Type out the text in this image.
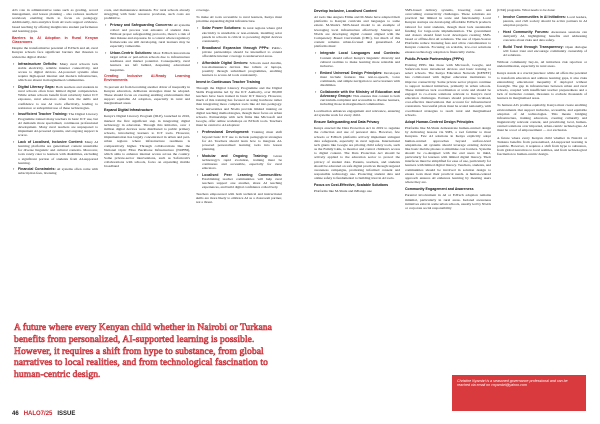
AI's role in administrative tasks such as grading, record management, and lesson planning - also reduces teachers' workload, enabling them to focus on pedagogy. Additionally, data analytics from AI tools support evidence-based teaching by offering insights into student performance and learning gaps.

Barriers to AI Adoption in Rural Kenyan Classrooms

Despite the transformative potential of EdTech and AI, rural Kenyan schools face significant barriers that threaten to widen the digital divide:

• Infrastructure Deficits: Many rural schools lack stable electricity, reliable internet connectivity, and access to digital devices. AI-powered systems often require high-speed internet and modern infrastructure, which are absent in marginalised communities.
• Digital Literacy Gaps: Both teachers and students in rural schools often have limited digital competencies. While urban schools benefit from relatively better ICT exposure, rural educators often lack the skills and confidence to use AI tools effectively, leading to resistance or suboptimal use of these technologies.
• Insufficient Teacher Training: The Digital Literacy Programme trained many teachers in basic ICT use, but AI demands more specialised, continuous professional development. Many rural teachers are unprepared to implement AI-powered systems, and ongoing support is scarce.
• Lack of Localised, Inclusive Content: Many AI learning platforms are generalised content unsuitable for diverse linguistic and cultural contexts. Moreover, tools rarely cater to learners with disabilities, excluding a significant portion of students from AI-supported learning.
• Financial Constraints: AI systems often come with subscription fees, licensing

costs, and maintenance demands. For rural schools already struggling with basic resource provision, such costs are prohibitive.

• Privacy and Safeguarding Concerns: AI systems collect and process vast amounts of student data. Without proper safeguarding protocols, there's a risk of data misuse and exposure. In a context where regulatory frameworks are still developing, rural learners may be especially vulnerable.
• Urban-Centric Solutions: Most EdTech innovations target urban or peri-urban schools due to infrastructure readiness and market potential. Consequently, rural learners are left behind, deepening educational inequities.
Creating Inclusive AI-Ready Learning Environments

To prevent AI from becoming another driver of inequality in Kenyan education, deliberate strategies must be adopted. These should focus on creating enabling environments that support equitable AI adoption, especially in rural and marginalised areas.

Expand Digital Infrastructure

Kenya's Digital Literacy Program (DLP), launched in 2016, marked the first significant step in integrating digital technology in education. Through this initiative, over 1 million digital devices were distributed to public primary schools, introducing learners to ICT tools. However, implementation has largely concentrated in urban and peri-urban regions where infrastructure readiness is comparatively higher. Through collaborations like the National Optic Fibre Backbone Infrastructure (NOFBI), which aims to enhance internet access across the country. Some private-sector interventions, such as Safaricom's collaborations with schools, focus on expanding mobile broadband

coverage.

To make AI tools accessible to rural learners, Kenya must prioritise expanding digital infrastructure.

• Solar Power Solutions: In rural regions where grid electricity is unreliable or non-existent, installing solar panels in schools is critical to powering digital devices consistently.
• Broadband Expansion through PPPs: Public-private partnerships should be intensified to extend affordable internet coverage to underserved areas.
• Affordable Digital Devices: Schools need durable, low-maintenance devices like tablets or laptops, possibly through subsidised programmes, enabling learners to access AI tools consistently.
Invest in Continuous Teacher Training

Through the Digital Literacy Programme and the Digital Skills Programme led by the ICT Authority, over 80,000 teachers have been trained in basic ICT literacy. However, much of this training has focused on using hardware rather than integrating more complex tools like AI into pedagogy. Some universities and NGOs provide limited training on digital teaching methodologies, though most focus on urban schools. Partnerships with tech firms like Microsoft and Google, offer online workshops on EdTech tools. Teachers must be central to AI adoption:

• Professional Development: Training must shift beyond basic ICT use to include pedagogical strategies for AI. Teachers should learn how to integrate AI-powered personalised learning tools into lesson planning.
• Modular and Ongoing Training: Given technology's rapid evolution, training must be continuous and accessible, especially for rural educators.
• Localised Peer Learning Communities: Establishing teacher communities will help rural teachers support one another, share AI teaching experiences, and build digital confidence collectively.

Teachers empowered with both technical and instructional skills are more likely to embrace AI as a classroom partner, not a threat.

Develop Inclusive, Localised Content

AI tools like Angaza Elimu and M-Shule have adapted their platforms to Kenyan curricula and languages to some extent. M-Shule's SMS-based model is an example of leveraging local infrastructure effectively. Startups and NGOs are developing digital content aligned with the Competency Based Curriculum (CBC), but much of this content remains urban-focused and generalised. AI platforms must:

• Integrate Local Languages and Contexts: Content should reflect Kenya's linguistic diversity and cultural realities to make learning more relatable and inclusive.
• Embed Universal Design Principles: Developers must include features like text-to-speech, voice commands, and simple navigation to serve learners with disabilities.
• Collaborate with the Ministry of Education and Advocacy Groups: This ensures that content is both curriculum-compliant and accessible to diverse learners, including those in marginalised communities.

Localisation enhances engagement and relevance, ensuring AI systems work for every child.

Ensure Safeguarding and Data Privacy

Kenya enacted the Data Protection Act in 2019 to regulate the collection and use of personal data. However, few schools or EdTech platforms actively implement stringent data safeguards, especially in rural regions. International tech giants like Google are piloting child safety tools, such as the Family Link, to monitor and control children's access to digital content. The Data Protection Act should be actively applied to the education sector to protect the privacy of student data. Parents, teachers, and students should be educated on safe digital practices through targeted awareness campaigns, promoting informed consent and responsible technology use. Protecting student data and online safety is fundamental to building trust in AI tools.

Focus on Cost-Effective, Scalable Solutions

Platforms like M-Shule and iMlango use

SMS-based delivery systems, lowering costs and overcoming connectivity challenges. These solutions are practical but limited in scale and functionality. Local Kenyan startups are developing affordable EdTech products tailored for rural students, though most lack sustainable funding for large-scale implementation. The government and donors should fund local developers creating SMS-based or offline-first AI solutions. The use of Open-Source Platforms reduce licensing fees and allow customisation to Kenyan contexts. Focusing on scalable, low-cost solutions ensures technology adoption is financially viable.

Public-Private Partnerships (PPPs)

Existing PPPs like those with Microsoft, Google, and Safaricom have introduced devices and basic training to select schools. The Kenya Education Network (KENET) has collaborated with higher education institutions to improve connectivity. Some private sector players continue to support isolated initiatives, primarily in urban schools. These initiatives lack coordination at scale and should be engaged to co-create solutions relevant to Kenya's rural education challenges. Partners should prioritise localised, cost-effective interventions that account for infrastructural constraints. Successful pilots must be scaled nationally, with coordinated strategies to reach rural and marginalised schools.

Adopt Human-Centred Design Principles

Platforms like M-Shule demonstrate human-centred design by delivering lessons via SMS, a tool familiar to most Kenyans. Few AI solutions in Kenya explicitly adopt human-centred approaches beyond surface-level adaptations. AI systems should leverage existing devices like basic mobile phones to minimise cost barriers. Systems should be co-designed with the end users in mind, particularly for learners with limited digital literacy. Their interfaces must be simplified for ease of use, particularly for learners with limited digital literacy. Teachers, students, and communities should be involved in solution design to ensure tools meet their practical needs. A human-centred approach ensures AI enhances learning by meeting users where they are.

Community Engagement and Awareness

Parental involvement in AI or EdTech adoption remains minimal, particularly in rural areas. Isolated awareness initiatives exist in some urban schools, usually led by NGOs or corporate social responsibility

(CSR) programs. What needs to be done:

• Involve Communities in AI Initiatives: Local leaders, parents, and civil society should be active partners in AI adoption projects.
• Host Community Forums: Awareness sessions can demystify AI, highlighting benefits and addressing concerns about risks and data safety.
• Build Trust through Transparency: Open dialogue will foster trust and encourage community ownership of AI solutions.

Without community buy-in, AI initiatives risk rejection or underutilisation, especially in rural areas.

Kenya stands at a crucial juncture: while AI offers the potential to transform education and address learning gaps, it also risks entrenching educational inequality if deployed without foresight. The gap in infrastructure between urban and rural schools, coupled with insufficient teacher preparedness and a lack of inclusive content, threatens to exclude thousands of learners in marginalised areas.

To harness AI's promise equitably, Kenya must create enabling environments that support inclusive, accessible, and equitable adoption of AI technologies. This means bridging infrastructure, training educators, creating culturally and linguistically relevant content, and prioritising local, human-centred solutions over imported, urban-centric technologies. AI must be a tool of empowerment — not exclusion.

A future where every Kenyan child whether in Nairobi or Turkana benefits from personalised, AI-supported learning is possible. However, it requires a shift from hype to substance, from global narratives to local realities, and from technological fascination to human-centric design.

A future where every Kenyan child whether in Nairobi or Turkana benefits from personalized, AI-supported learning is possible. However, it requires a shift from hype to substance, from global narratives to local realities, and from technological fascination to human-centric design.
Christine Nyambri is a seasoned governance professional and can be reached via email on cnyambri@yahoo.com
46 HALO7/25 ISSUE
